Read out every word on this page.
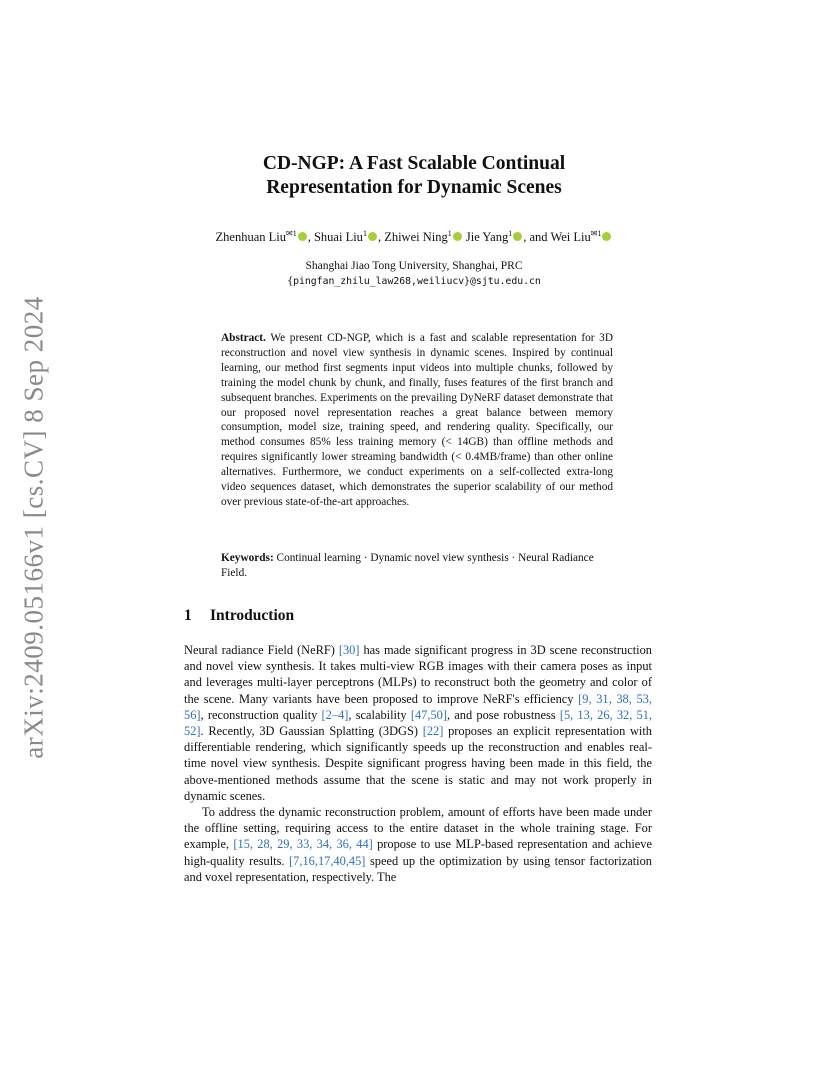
arXiv:2409.05166v1 [cs.CV] 8 Sep 2024
CD-NGP: A Fast Scalable Continual
Representation for Dynamic Scenes
Zhenhuan Liu$^{✉1}$ , Shuai Liu$^1$ , Zhiwei Ning$^1$ Jie Yang$^1$ , and Wei Liu$^{✉1}$
Shanghai Jiao Tong University, Shanghai, PRC
{pingfan_zhilu_law268,weiliucv}@sjtu.edu.cn
Abstract. We present CD-NGP, which is a fast and scalable representation for 3D reconstruction and novel view synthesis in dynamic scenes. Inspired by continual learning, our method first segments input videos into multiple chunks, followed by training the model chunk by chunk, and finally, fuses features of the first branch and subsequent branches. Experiments on the prevailing DyNeRF dataset demonstrate that our proposed novel representation reaches a great balance between memory consumption, model size, training speed, and rendering quality. Specifically, our method consumes 85% less training memory (< 14GB) than offline methods and requires significantly lower streaming bandwidth (< 0.4MB/frame) than other online alternatives. Furthermore, we conduct experiments on a self-collected extra-long video sequences dataset, which demonstrates the superior scalability of our method over previous state-of-the-art approaches.
Keywords: Continual learning · Dynamic novel view synthesis · Neural Radiance Field.
1 Introduction

Neural radiance Field (NeRF) [30] has made significant progress in 3D scene reconstruction and novel view synthesis. It takes multi-view RGB images with their camera poses as input and leverages multi-layer perceptrons (MLPs) to reconstruct both the geometry and color of the scene. Many variants have been proposed to improve NeRF's efficiency [9, 31, 38, 53, 56], reconstruction quality [2–4], scalability [47,50], and pose robustness [5, 13, 26, 32, 51, 52]. Recently, 3D Gaussian Splatting (3DGS) [22] proposes an explicit representation with differentiable rendering, which significantly speeds up the reconstruction and enables real-time novel view synthesis. Despite significant progress having been made in this field, the above-mentioned methods assume that the scene is static and may not work properly in dynamic scenes.

To address the dynamic reconstruction problem, amount of efforts have been made under the offline setting, requiring access to the entire dataset in the whole training stage. For example, [15, 28, 29, 33, 34, 36, 44] propose to use MLP-based representation and achieve high-quality results. [7,16,17,40,45] speed up the optimization by using tensor factorization and voxel representation, respectively. The
